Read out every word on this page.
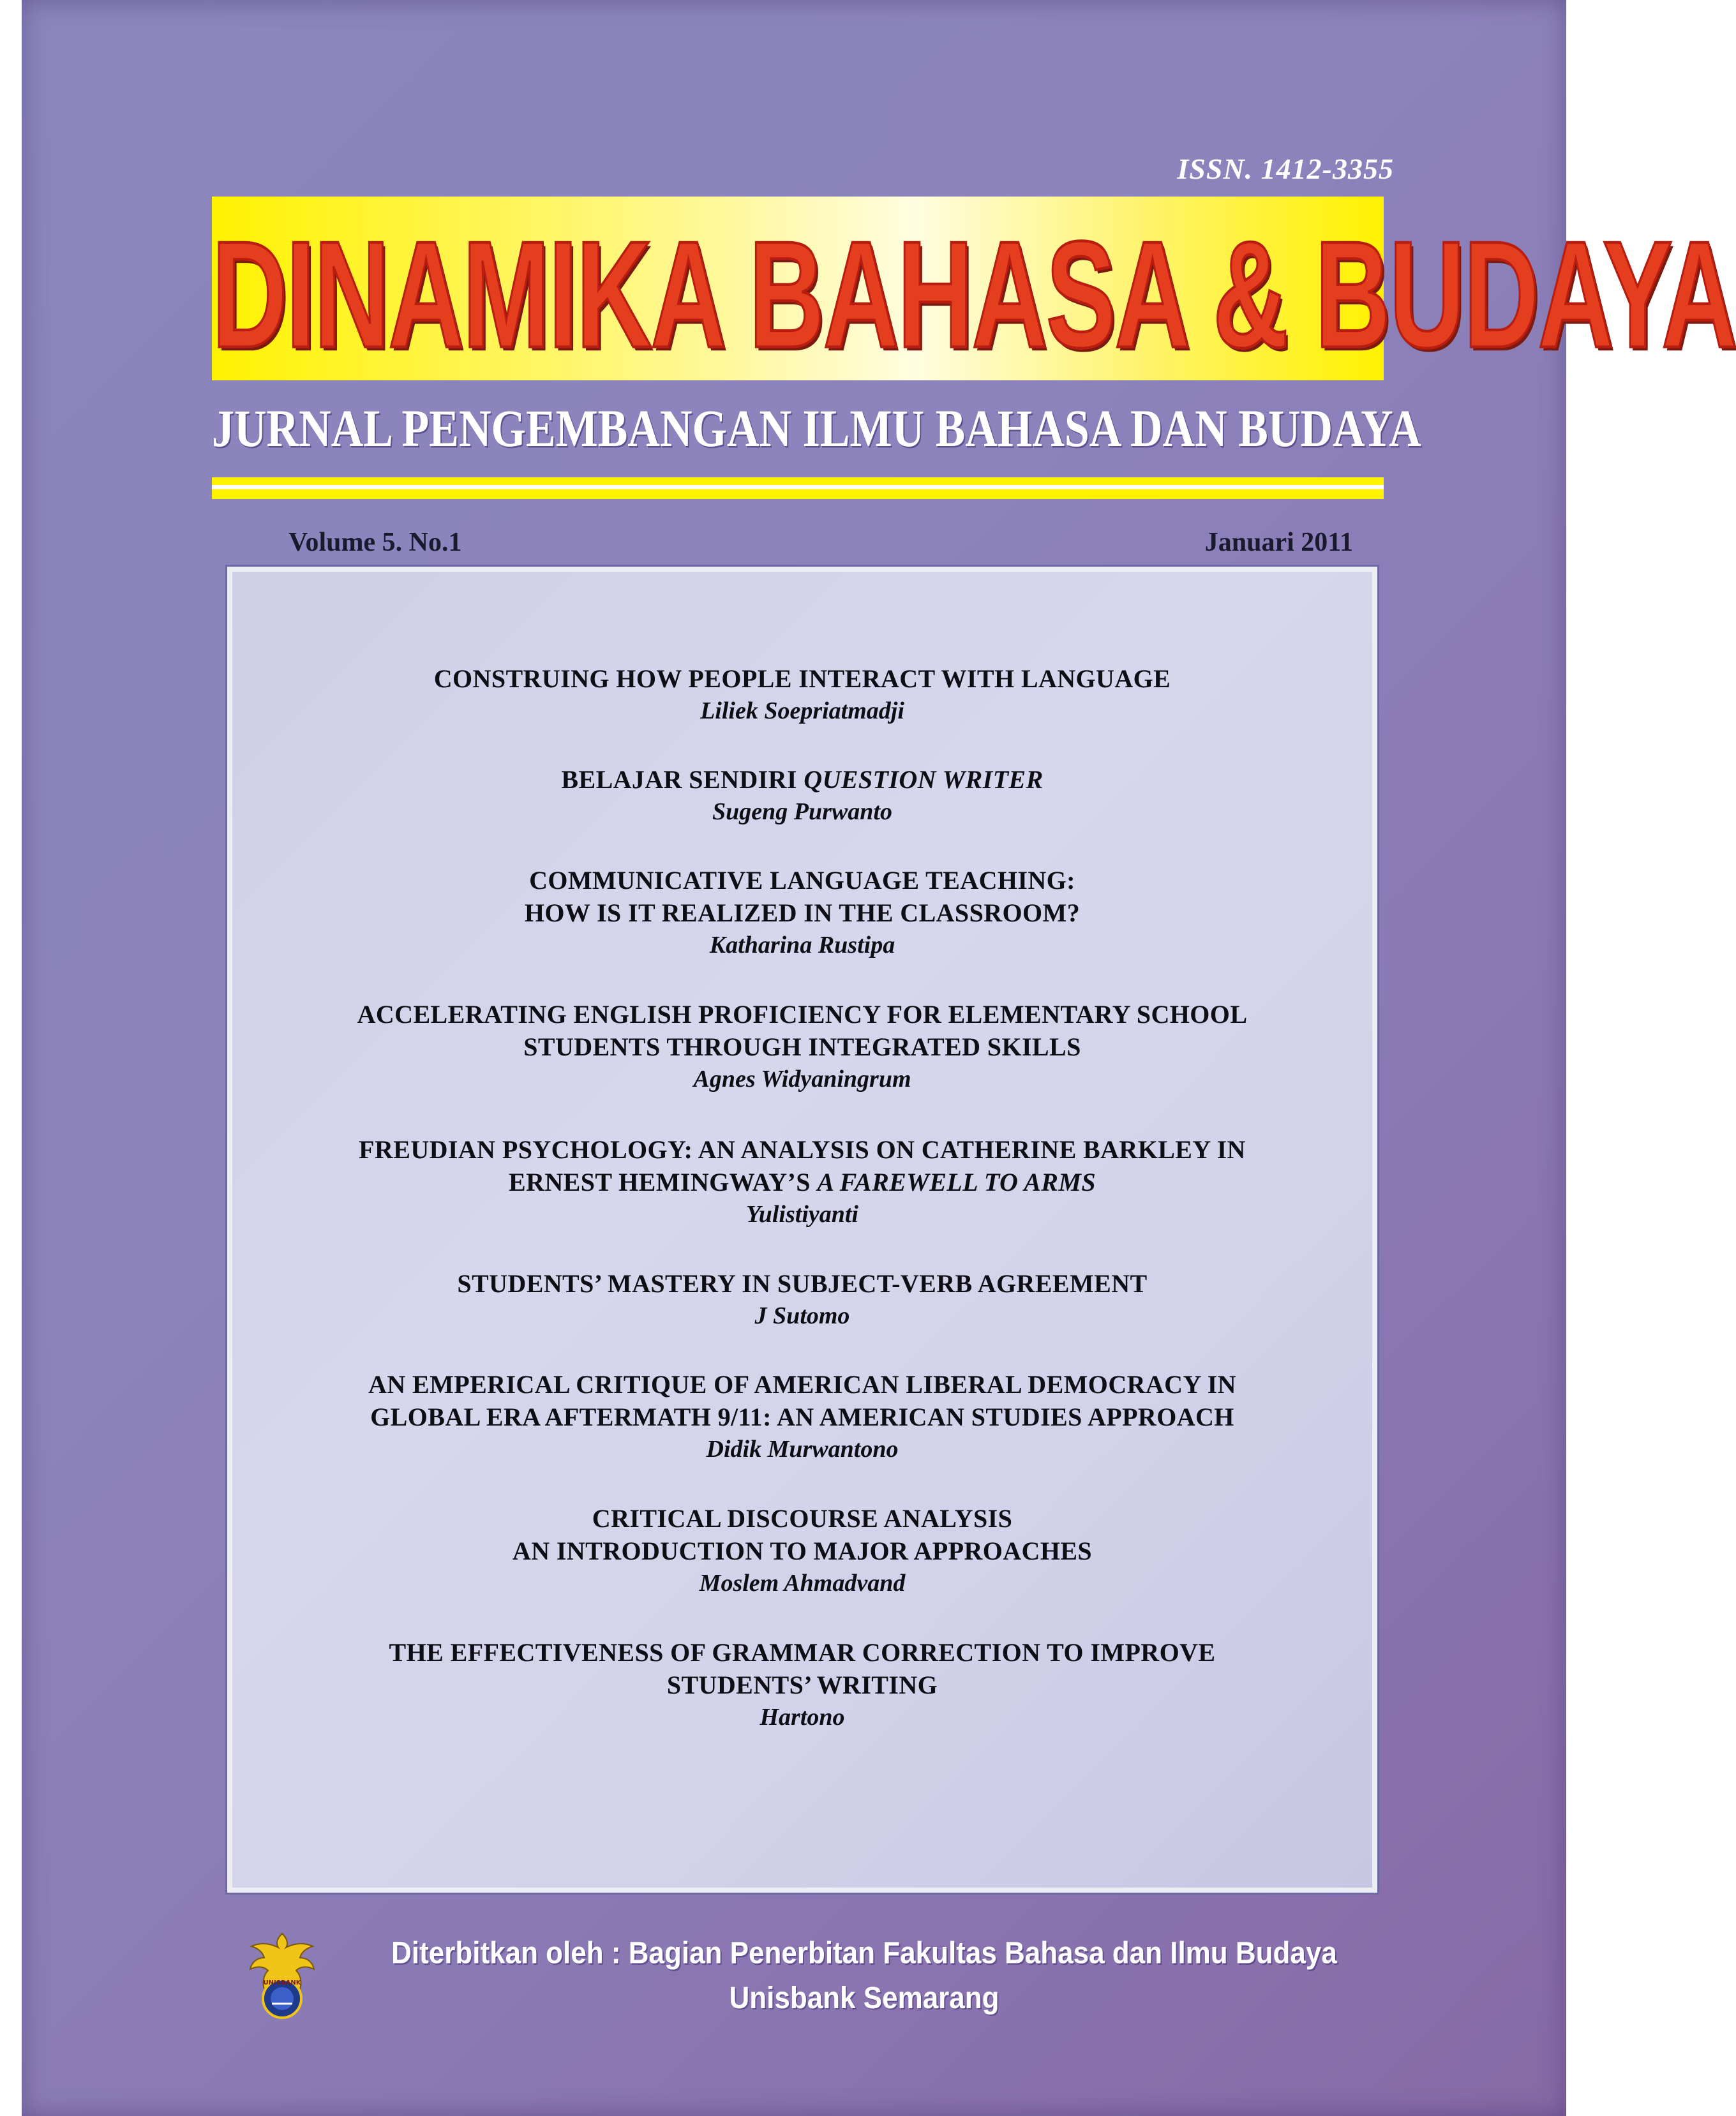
ISSN. 1412-3355
DINAMIKA BAHASA & BUDAYA
JURNAL PENGEMBANGAN ILMU BAHASA DAN BUDAYA
Volume 5. No.1	Januari 2011
CONSTRUING HOW PEOPLE INTERACT WITH LANGUAGE
Liliek Soepriatmadji
BELAJAR SENDIRI QUESTION WRITER
Sugeng Purwanto
COMMUNICATIVE LANGUAGE TEACHING:
HOW IS IT REALIZED IN THE CLASSROOM?
Katharina Rustipa
ACCELERATING ENGLISH PROFICIENCY FOR ELEMENTARY SCHOOL
STUDENTS THROUGH INTEGRATED SKILLS
Agnes Widyaningrum
FREUDIAN PSYCHOLOGY: AN ANALYSIS ON CATHERINE BARKLEY IN
ERNEST HEMINGWAY’S A FAREWELL TO ARMS
Yulistiyanti
STUDENTS’ MASTERY IN SUBJECT-VERB AGREEMENT
J Sutomo
AN EMPERICAL CRITIQUE OF AMERICAN LIBERAL DEMOCRACY IN
GLOBAL ERA AFTERMATH 9/11: AN AMERICAN STUDIES APPROACH
Didik Murwantono
CRITICAL DISCOURSE ANALYSIS
AN INTRODUCTION TO MAJOR APPROACHES
Moslem Ahmadvand
THE EFFECTIVENESS OF GRAMMAR CORRECTION TO IMPROVE
STUDENTS’ WRITING
Hartono
UNISBANK
Diterbitkan oleh : Bagian Penerbitan Fakultas Bahasa dan Ilmu Budaya
Unisbank Semarang
